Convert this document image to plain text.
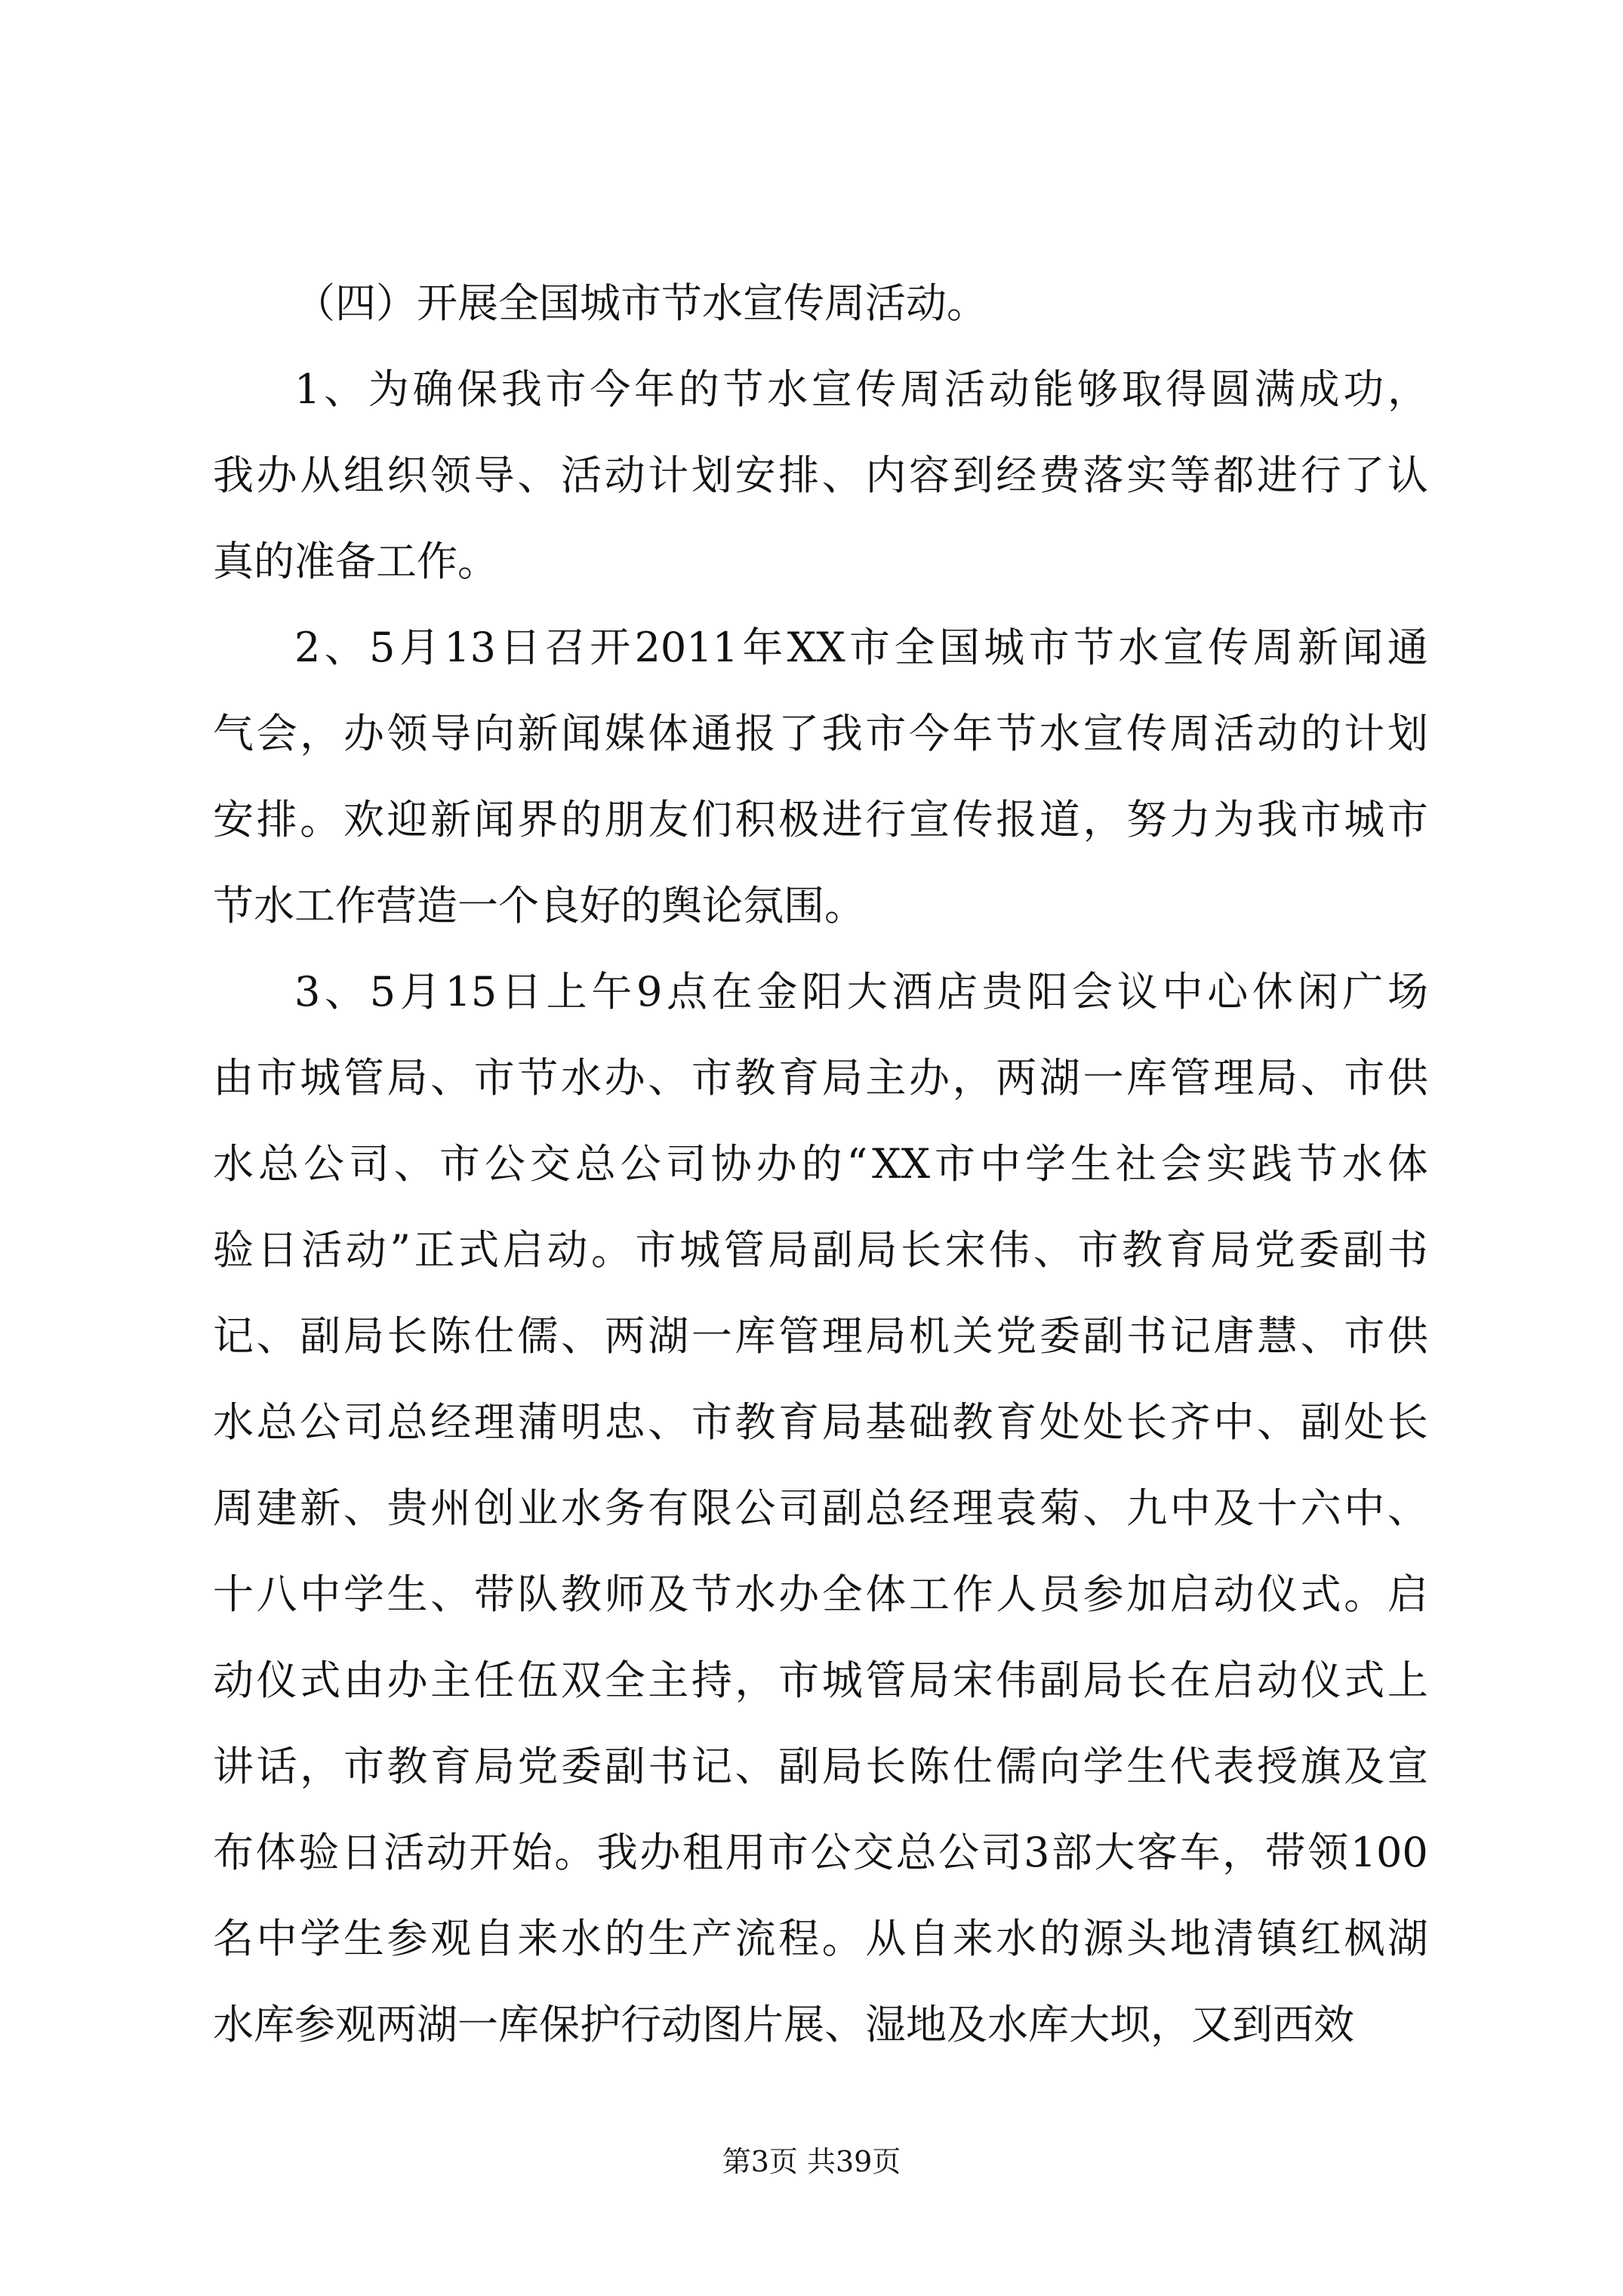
（四）开展全国城市节水宣传周活动。
1 、 为 确 保 我 市 今 年 的 节 水 宣 传 周 活 动 能 够 取 得 圆 满 成 功 ，
我 办 从 组 织 领 导 、 活 动 计 划 安 排 、 内 容 到 经 费 落 实 等 都 进 行 了 认
真的准备工作。
2 、 5 月 13 日 召 开 2011 年 XX 市 全 国 城 市 节 水 宣 传 周 新 闻 通
气 会 ， 办 领 导 向 新 闻 媒 体 通 报 了 我 市 今 年 节 水 宣 传 周 活 动 的 计 划
安 排 。 欢 迎 新 闻 界 的 朋 友 们 积 极 进 行 宣 传 报 道 ， 努 力 为 我 市 城 市
节水工作营造一个良好的舆论氛围。
3 、 5 月 15 日 上 午 9 点 在 金 阳 大 酒 店 贵 阳 会 议 中 心 休 闲 广 场
由 市 城 管 局 、 市 节 水 办 、 市 教 育 局 主 办 ， 两 湖 一 库 管 理 局 、 市 供
水 总 公 司 、 市 公 交 总 公 司 协 办 的 “ XX 市 中 学 生 社 会 实 践 节 水 体
验 日 活 动 ” 正 式 启 动 。 市 城 管 局 副 局 长 宋 伟 、 市 教 育 局 党 委 副 书
记 、 副 局 长 陈 仕 儒 、 两 湖 一 库 管 理 局 机 关 党 委 副 书 记 唐 慧 、 市 供
水 总 公 司 总 经 理 蒲 明 忠 、 市 教 育 局 基 础 教 育 处 处 长 齐 中 、 副 处 长
周 建 新 、 贵 州 创 业 水 务 有 限 公 司 副 总 经 理 袁 菊 、 九 中 及 十 六 中 、
十 八 中 学 生 、 带 队 教 师 及 节 水 办 全 体 工 作 人 员 参 加 启 动 仪 式 。 启
动 仪 式 由 办 主 任 伍 双 全 主 持 ， 市 城 管 局 宋 伟 副 局 长 在 启 动 仪 式 上
讲 话 ， 市 教 育 局 党 委 副 书 记 、 副 局 长 陈 仕 儒 向 学 生 代 表 授 旗 及 宣
布 体 验 日 活 动 开 始 。 我 办 租 用 市 公 交 总 公 司 3 部 大 客 车 ， 带 领 100
名 中 学 生 参 观 自 来 水 的 生 产 流 程 。 从 自 来 水 的 源 头 地 清 镇 红 枫 湖
水库参观两湖一库保护行动图片展、湿地及水库大坝，又到西效
第3页 共39页
